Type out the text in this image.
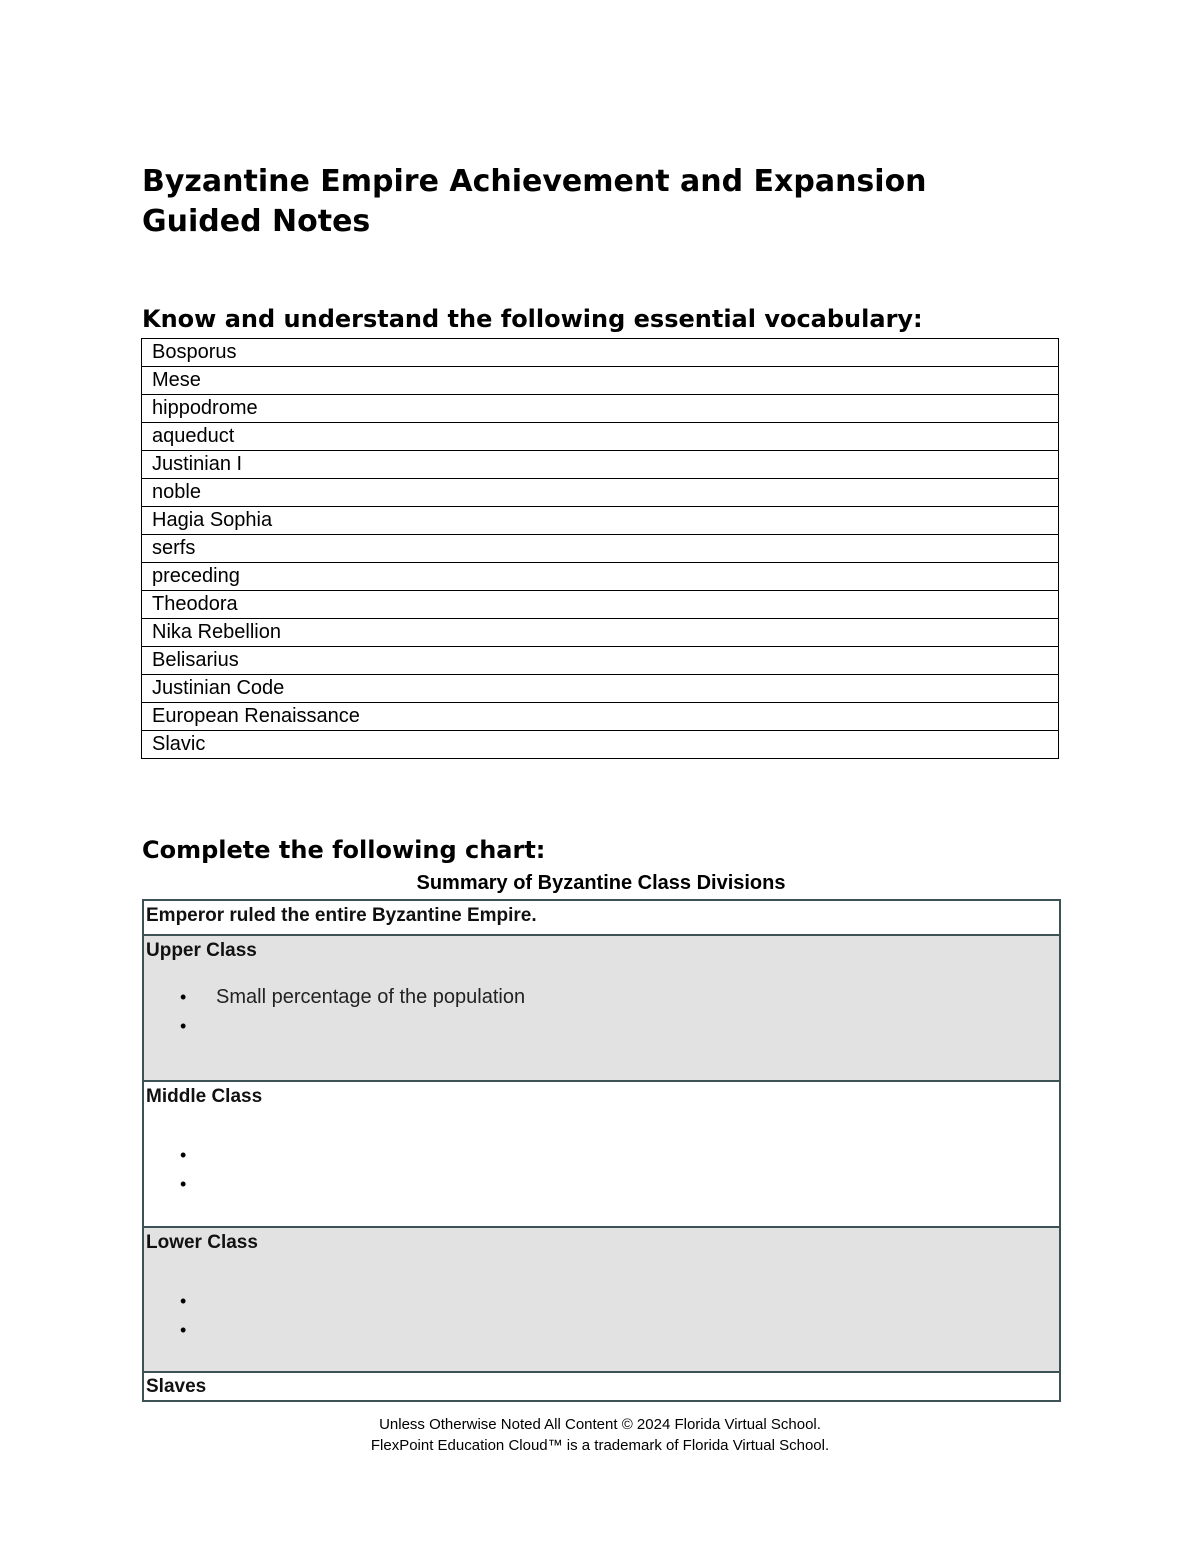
Byzantine Empire Achievement and Expansion
Guided Notes
Know and understand the following essential vocabulary:
Bosporus
Mese
hippodrome
aqueduct
Justinian I
noble
Hagia Sophia
serfs
preceding
Theodora
Nika Rebellion
Belisarius
Justinian Code
European Renaissance
Slavic
Complete the following chart:
Summary of Byzantine Class Divisions
Emperor ruled the entire Byzantine Empire.
Upper Class
• Small percentage of the population
•
Middle Class
•
•
Lower Class
•
•
Slaves
Unless Otherwise Noted All Content © 2024 Florida Virtual School.
FlexPoint Education Cloud™ is a trademark of Florida Virtual School.
